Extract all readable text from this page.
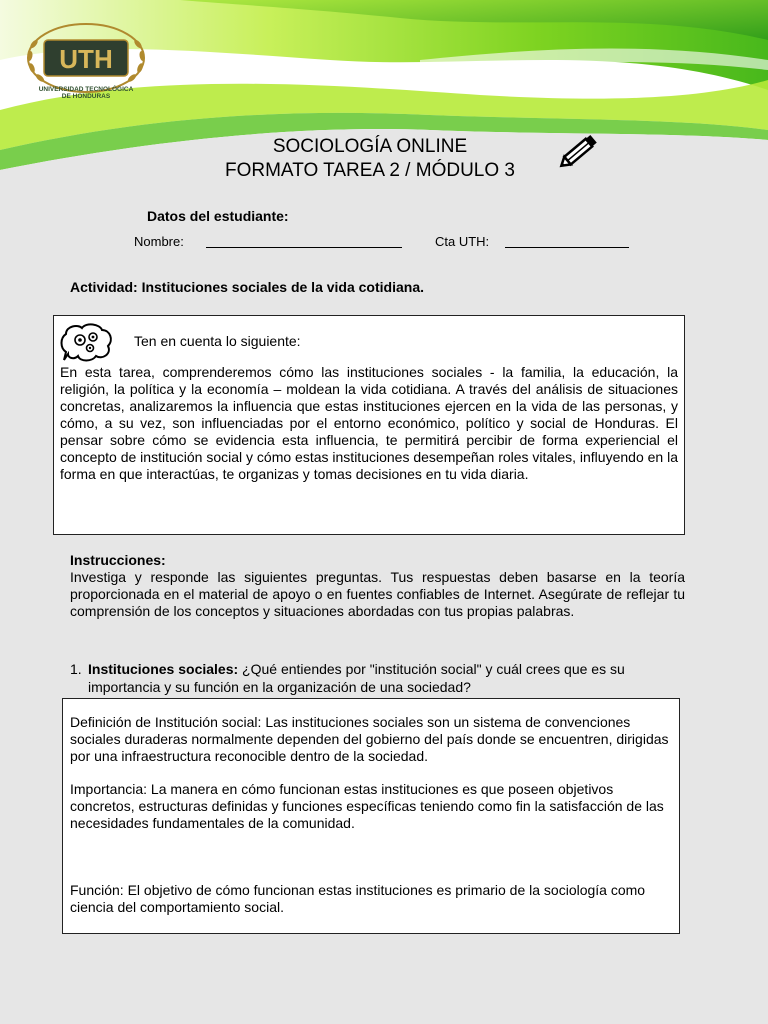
UTH
UNIVERSIDAD TECNOLÓGICA
DE HONDURAS
SOCIOLOGÍA ONLINE
FORMATO TAREA 2 / MÓDULO 3
Datos del estudiante:
Nombre:	Cta UTH:
Actividad: Instituciones sociales de la vida cotidiana.
Ten en cuenta lo siguiente:
En esta tarea, comprenderemos cómo las instituciones sociales - la familia, la educación, la religión, la política y la economía – moldean la vida cotidiana. A través del análisis de situaciones concretas, analizaremos la influencia que estas instituciones ejercen en la vida de las personas, y cómo, a su vez, son influenciadas por el entorno económico, político y social de Honduras. El pensar sobre cómo se evidencia esta influencia, te permitirá percibir de forma experiencial el concepto de institución social y cómo estas instituciones desempeñan roles vitales, influyendo en la forma en que interactúas, te organizas y tomas decisiones en tu vida diaria.
Instrucciones:
Investiga y responde las siguientes preguntas. Tus respuestas deben basarse en la teoría proporcionada en el material de apoyo o en fuentes confiables de Internet. Asegúrate de reflejar tu comprensión de los conceptos y situaciones abordadas con tus propias palabras.
1. Instituciones sociales: ¿Qué entiendes por "institución social" y cuál crees que es su importancia y su función en la organización de una sociedad?
Definición de Institución social: Las instituciones sociales son un sistema de convenciones sociales duraderas normalmente dependen del gobierno del país donde se encuentren, dirigidas por una infraestructura reconocible dentro de la sociedad.
Importancia: La manera en cómo funcionan estas instituciones es que poseen objetivos concretos, estructuras definidas y funciones específicas teniendo como fin la satisfacción de las necesidades fundamentales de la comunidad.
Función: El objetivo de cómo funcionan estas instituciones es primario de la sociología como ciencia del comportamiento social.
